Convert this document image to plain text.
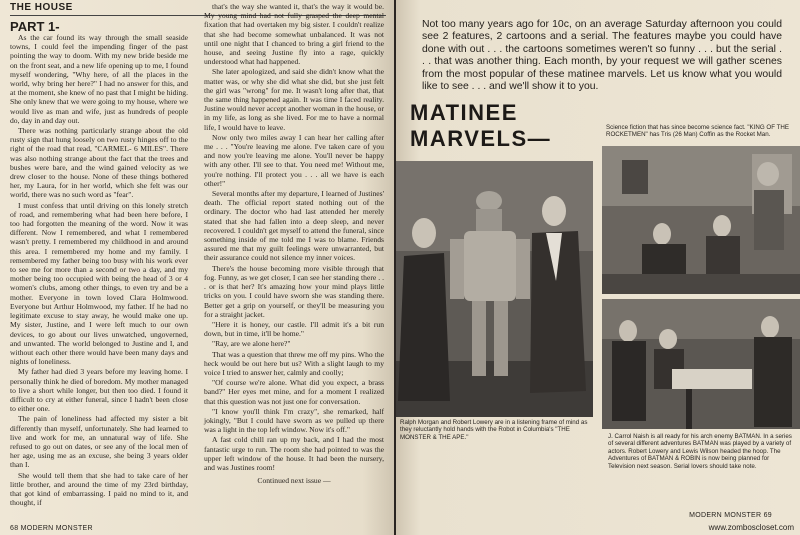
THE HOUSE
PART 1-

As the car found its way through the small seaside towns, I could feel the impending finger of the past pointing the way to doom. With my new bride beside me on the front seat, and a new life opening up to me, I found myself wondering, "Why here, of all the places in the world, why bring her here?" I had no answer for this, and at the moment, she knew of no past that I might be hiding. She only knew that we were going to my house, where we would live as man and wife, just as hundreds of people do, day in and day out.

There was nothing particularly strange about the old rusty sign that hung loosely on two rusty hinges off to the right of the road that read, "CARMEL- 6 MILES". There was also nothing strange about the fact that the trees and bushes were bare, and the wind gained velocity as we drew closer to the house. None of these things bothered her, my Laura, for in her world, which she felt was our world, there was no such word as "fear".

I must confess that until driving on this lonely stretch of road, and remembering what had been here before, I too had forgotten the meaning of the word. Now it was different. Now I remembered, and what I remembered wasn't pretty. I remembered my childhood in and around this area. I remembered my home and my family. I remembered my father being too busy with his work ever to see me for more than a second or two a day, and my mother being too occupied with being the head of 3 or 4 women's clubs, among other things, to even try and be a mother. Everyone in town loved Clara Holmwood. Everyone but Arthur Holmwood, my father. If he had no legitimate excuse to stay away, he would make one up. My sister, Justine, and I were left much to our own devices, to go about our lives unwatched, ungoverned, and unwanted. The world belonged to Justine and I, and without each other there would have been many days and nights of loneliness.

My father had died 3 years before my leaving home. I personally think he died of boredom. My mother managed to live a short while longer, but then too died. I found it difficult to cry at either funeral, since I hadn't been close to either one.

The pain of loneliness had affected my sister a bit differently than myself, unfortunately. She had learned to live and work for me, an unnatural way of life. She refused to go out on dates, or see any of the local men of her age, using me as an excuse, she being 3 years older than I.

She would tell them that she had to take care of her little brother, and around the time of my 23rd birthday, that got kind of embarrassing. I paid no mind to it, and thought, if

that's the way she wanted it, that's the way it would be. My young mind had not fully grasped the deep mental fixation that had overtaken my big sister. I couldn't realize that she had become somewhat unbalanced. It was not until one night that I chanced to bring a girl friend to the house, and seeing Justine fly into a rage, quickly understood what had happened.

She later apologized, and said she didn't know what the matter was, or why she did what she did, but she just felt the girl was "wrong" for me. It wasn't long after that, that the same thing happened again. It was time I faced reality. Justine would never accept another woman in the house, or in my life, as long as she lived. For me to have a normal life, I would have to leave.

Now only two miles away I can hear her calling after me . . . "You're leaving me alone. I've taken care of you and now you're leaving me alone. You'll never be happy with any other. I'll see to that. You need me! Without me, you're nothing. I'll protect you . . . all we have is each other!"

Several months after my departure, I learned of Justines' death. The official report stated nothing out of the ordinary. The doctor who had last attended her merely stated that she had fallen into a deep sleep, and never recovered. I couldn't get myself to attend the funeral, since something inside of me told me I was to blame. Friends assured me that my guilt feelings were unwarranted, but their assurance could not silence my inner voices.

There's the house becoming more visible through that fog. Funny, as we get closer, I can see her standing there . . . or is that her? It's amazing how your mind plays little tricks on you. I could have sworn she was standing there. Better get a grip on yourself, or they'll be measuring you for a straight jacket.

"Here it is honey, our castle. I'll admit it's a bit run down, but in time, it'll be home."

"Ray, are we alone here?"

That was a question that threw me off my pins. Who the heck would be out here but us? With a slight laugh to my voice I tried to answer her, calmly and coolly;

"Of course we're alone. What did you expect, a brass band?" Her eyes met mine, and for a moment I realized that this question was not just one for conversation.

"I know you'll think I'm crazy", she remarked, half jokingly, "But I could have sworn as we pulled up there was a light in the top left window. Now it's off."

A fast cold chill ran up my back, and I had the most fantastic urge to run. The room she had pointed to was the upper left window of the house. It had been the nursery, and was Justines room!

Continued next issue —

68 MODERN MONSTER
Not too many years ago for 10c, on an average Saturday afternoon you could see 2 features, 2 cartoons and a serial. The features maybe you could have done with out . . . the cartoons sometimes weren't so funny . . . but the serial . . . that was another thing. Each month, by your request we will gather scenes from the most popular of these matinee marvels. Let us know what you would like to see . . . and we'll show it to you.
MATINEE
MARVELS—	Science fiction that has since become science fact. "KING OF THE ROCKETMEN" has Tris (26 Man) Coffin as the Rocket Man.
Ralph Morgan and Robert Lowery are in a listening frame of mind as they reluctantly hold hands with the Robot in Columbia's "THE MONSTER & THE APE."	J. Carrol Naish is all ready for his arch enemy BATMAN. In a series of several different adventures BATMAN was played by a variety of actors. Robert Lowery and Lewis Wilson headed the hoop. The Adventures of BATMAN & ROBIN is now being planned for Television next season. Serial lovers should take note.
MODERN MONSTER 69
www.zomboscloset.com
